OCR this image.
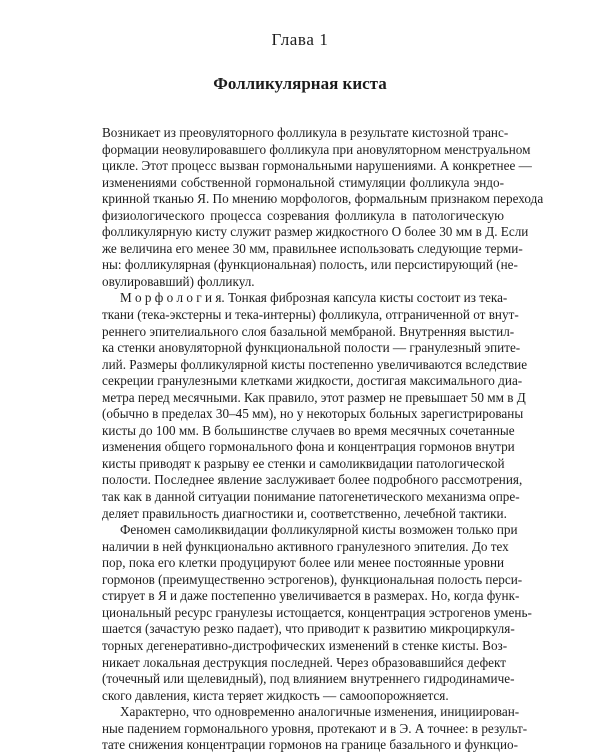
Глава 1
Фолликулярная киста
Возникает из преовуляторного фолликула в результате кистозной транс-
формации неовулировавшего фолликула при ановуляторном менструальном
цикле. Этот процесс вызван гормональными нарушениями. А конкретнее —
изменениями собственной гормональной стимуляции фолликула эндо-
кринной тканью Я. По мнению морфологов, формальным признаком перехода
физиологического процесса созревания фолликула в патологическую
фолликулярную кисту служит размер жидкостного О более 30 мм в Д. Если
же величина его менее 30 мм, правильнее использовать следующие терми-
ны: фолликулярная (функциональная) полость, или персистирующий (не-
овулировавший) фолликул.
М о р ф о л о г и я. Тонкая фиброзная капсула кисты состоит из тека-
ткани (тека-экстерны и тека-интерны) фолликула, отграниченной от внут-
реннего эпителиального слоя базальной мембраной. Внутренняя выстил-
ка стенки ановуляторной функциональной полости — гранулезный эпите-
лий. Размеры фолликулярной кисты постепенно увеличиваются вследствие
секреции гранулезными клетками жидкости, достигая максимального диа-
метра перед месячными. Как правило, этот размер не превышает 50 мм в Д
(обычно в пределах 30–45 мм), но у некоторых больных зарегистрированы
кисты до 100 мм. В большинстве случаев во время месячных сочетанные
изменения общего гормонального фона и концентрация гормонов внутри
кисты приводят к разрыву ее стенки и самоликвидации патологической
полости. Последнее явление заслуживает более подробного рассмотрения,
так как в данной ситуации понимание патогенетического механизма опре-
деляет правильность диагностики и, соответственно, лечебной тактики.
Феномен самоликвидации фолликулярной кисты возможен только при
наличии в ней функционально активного гранулезного эпителия. До тех
пор, пока его клетки продуцируют более или менее постоянные уровни
гормонов (преимущественно эстрогенов), функциональная полость перси-
стирует в Я и даже постепенно увеличивается в размерах. Но, когда функ-
циональный ресурс гранулезы истощается, концентрация эстрогенов умень-
шается (зачастую резко падает), что приводит к развитию микроциркуля-
торных дегенеративно-дистрофических изменений в стенке кисты. Воз-
никает локальная деструкция последней. Через образовавшийся дефект
(точечный или щелевидный), под влиянием внутреннего гидродинамиче-
ского давления, киста теряет жидкость — самоопорожняется.
Характерно, что одновременно аналогичные изменения, инициирован-
ные падением гормонального уровня, протекают и в Э. А точнее: в результ-
тате снижения концентрации гормонов на границе базального и функцио-
